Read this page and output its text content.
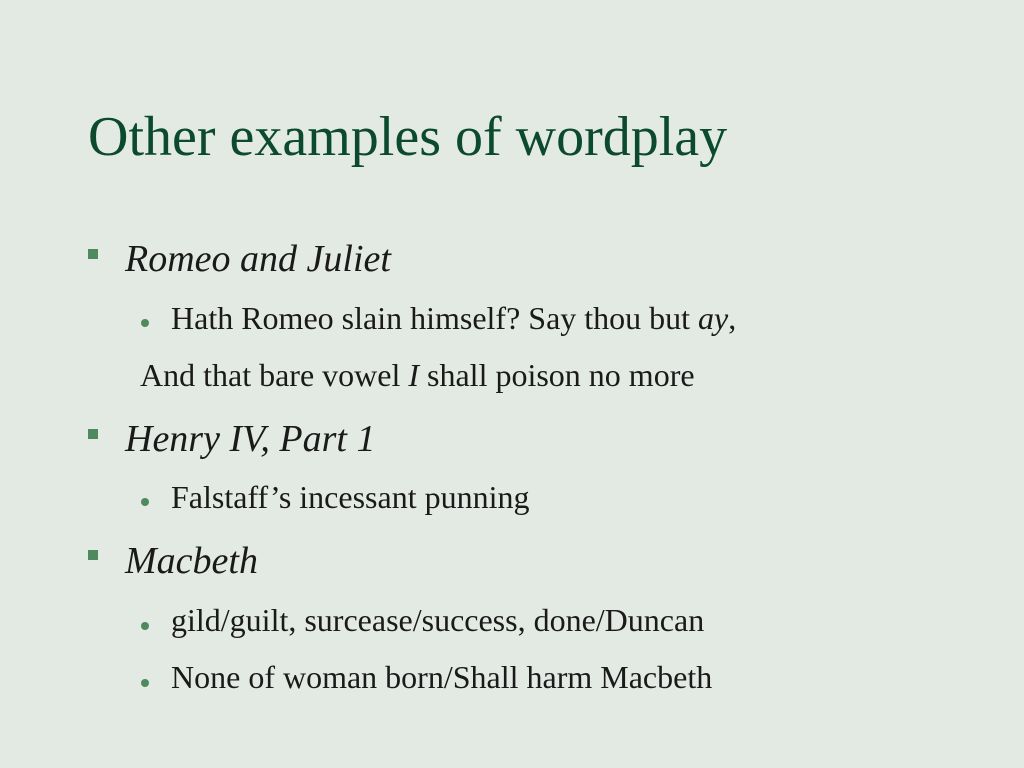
Other examples of wordplay
Romeo and Juliet
Hath Romeo slain himself? Say thou but ay,
And that bare vowel I shall poison no more
Henry IV, Part 1
Falstaff’s incessant punning
Macbeth
gild/guilt, surcease/success, done/Duncan
None of woman born/Shall harm Macbeth
